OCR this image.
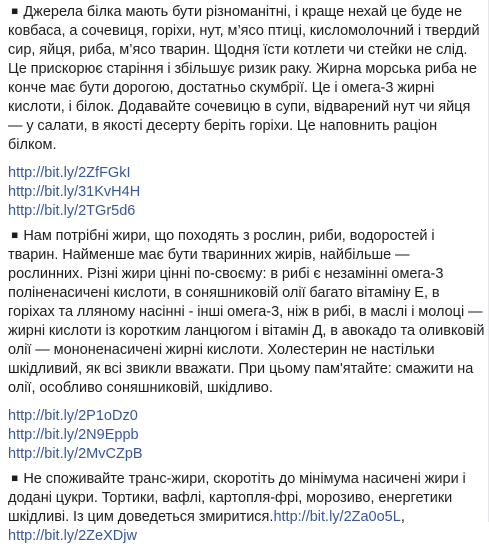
◾ Джерела білка мають бути різноманітні, і краще нехай це буде не ковбаса, а сочевиця, горіхи, нут, м’ясо птиці, кисломолочний і твердий сир, яйця, риба, м’ясо тварин. Щодня їсти котлети чи стейки не слід. Це прискорює старіння і збільшує ризик раку. Жирна морська риба не конче має бути дорогою, достатньо скумбрії. Це і омега-3 жирні кислоти, і білок. Додавайте сочевицю в супи, відварений нут чи яйця — у салати, в якості десерту беріть горіхи. Це наповнить раціон білком.

http://bit.ly/2ZfFGkI
http://bit.ly/31KvH4H
http://bit.ly/2TGr5d6

◾ Нам потрібні жири, що походять з рослин, риби, водоростей і тварин. Найменше має бути тваринних жирів, найбільше — рослинних. Різні жири цінні по-своєму: в рибі є незамінні омега-3 поліненасичені кислоти, в соняшниковій олії багато вітаміну Е, в горіхах та лляному насінні - інші омега-3, ніж в рибі, в маслі і молоці — жирні кислоти із коротким ланцюгом і вітамін Д, в авокадо та оливковій олії — мононенасичені жирні кислоти. Холестерин не настільки шкідливий, як всі звикли вважати. При цьому пам'ятайте: смажити на олії, особливо соняшниковій, шкідливо.

http://bit.ly/2P1oDz0
http://bit.ly/2N9Eppb
http://bit.ly/2MvCZpB

◾ Не споживайте транс-жири, скоротіть до мінімума насичені жири і додані цукри. Тортики, вафлі, картопля-фрі, морозиво, енергетики шкідливі. Із цим доведеться змиритися.http://bit.ly/2Za0o5L,

http://bit.ly/2ZeXDjw
